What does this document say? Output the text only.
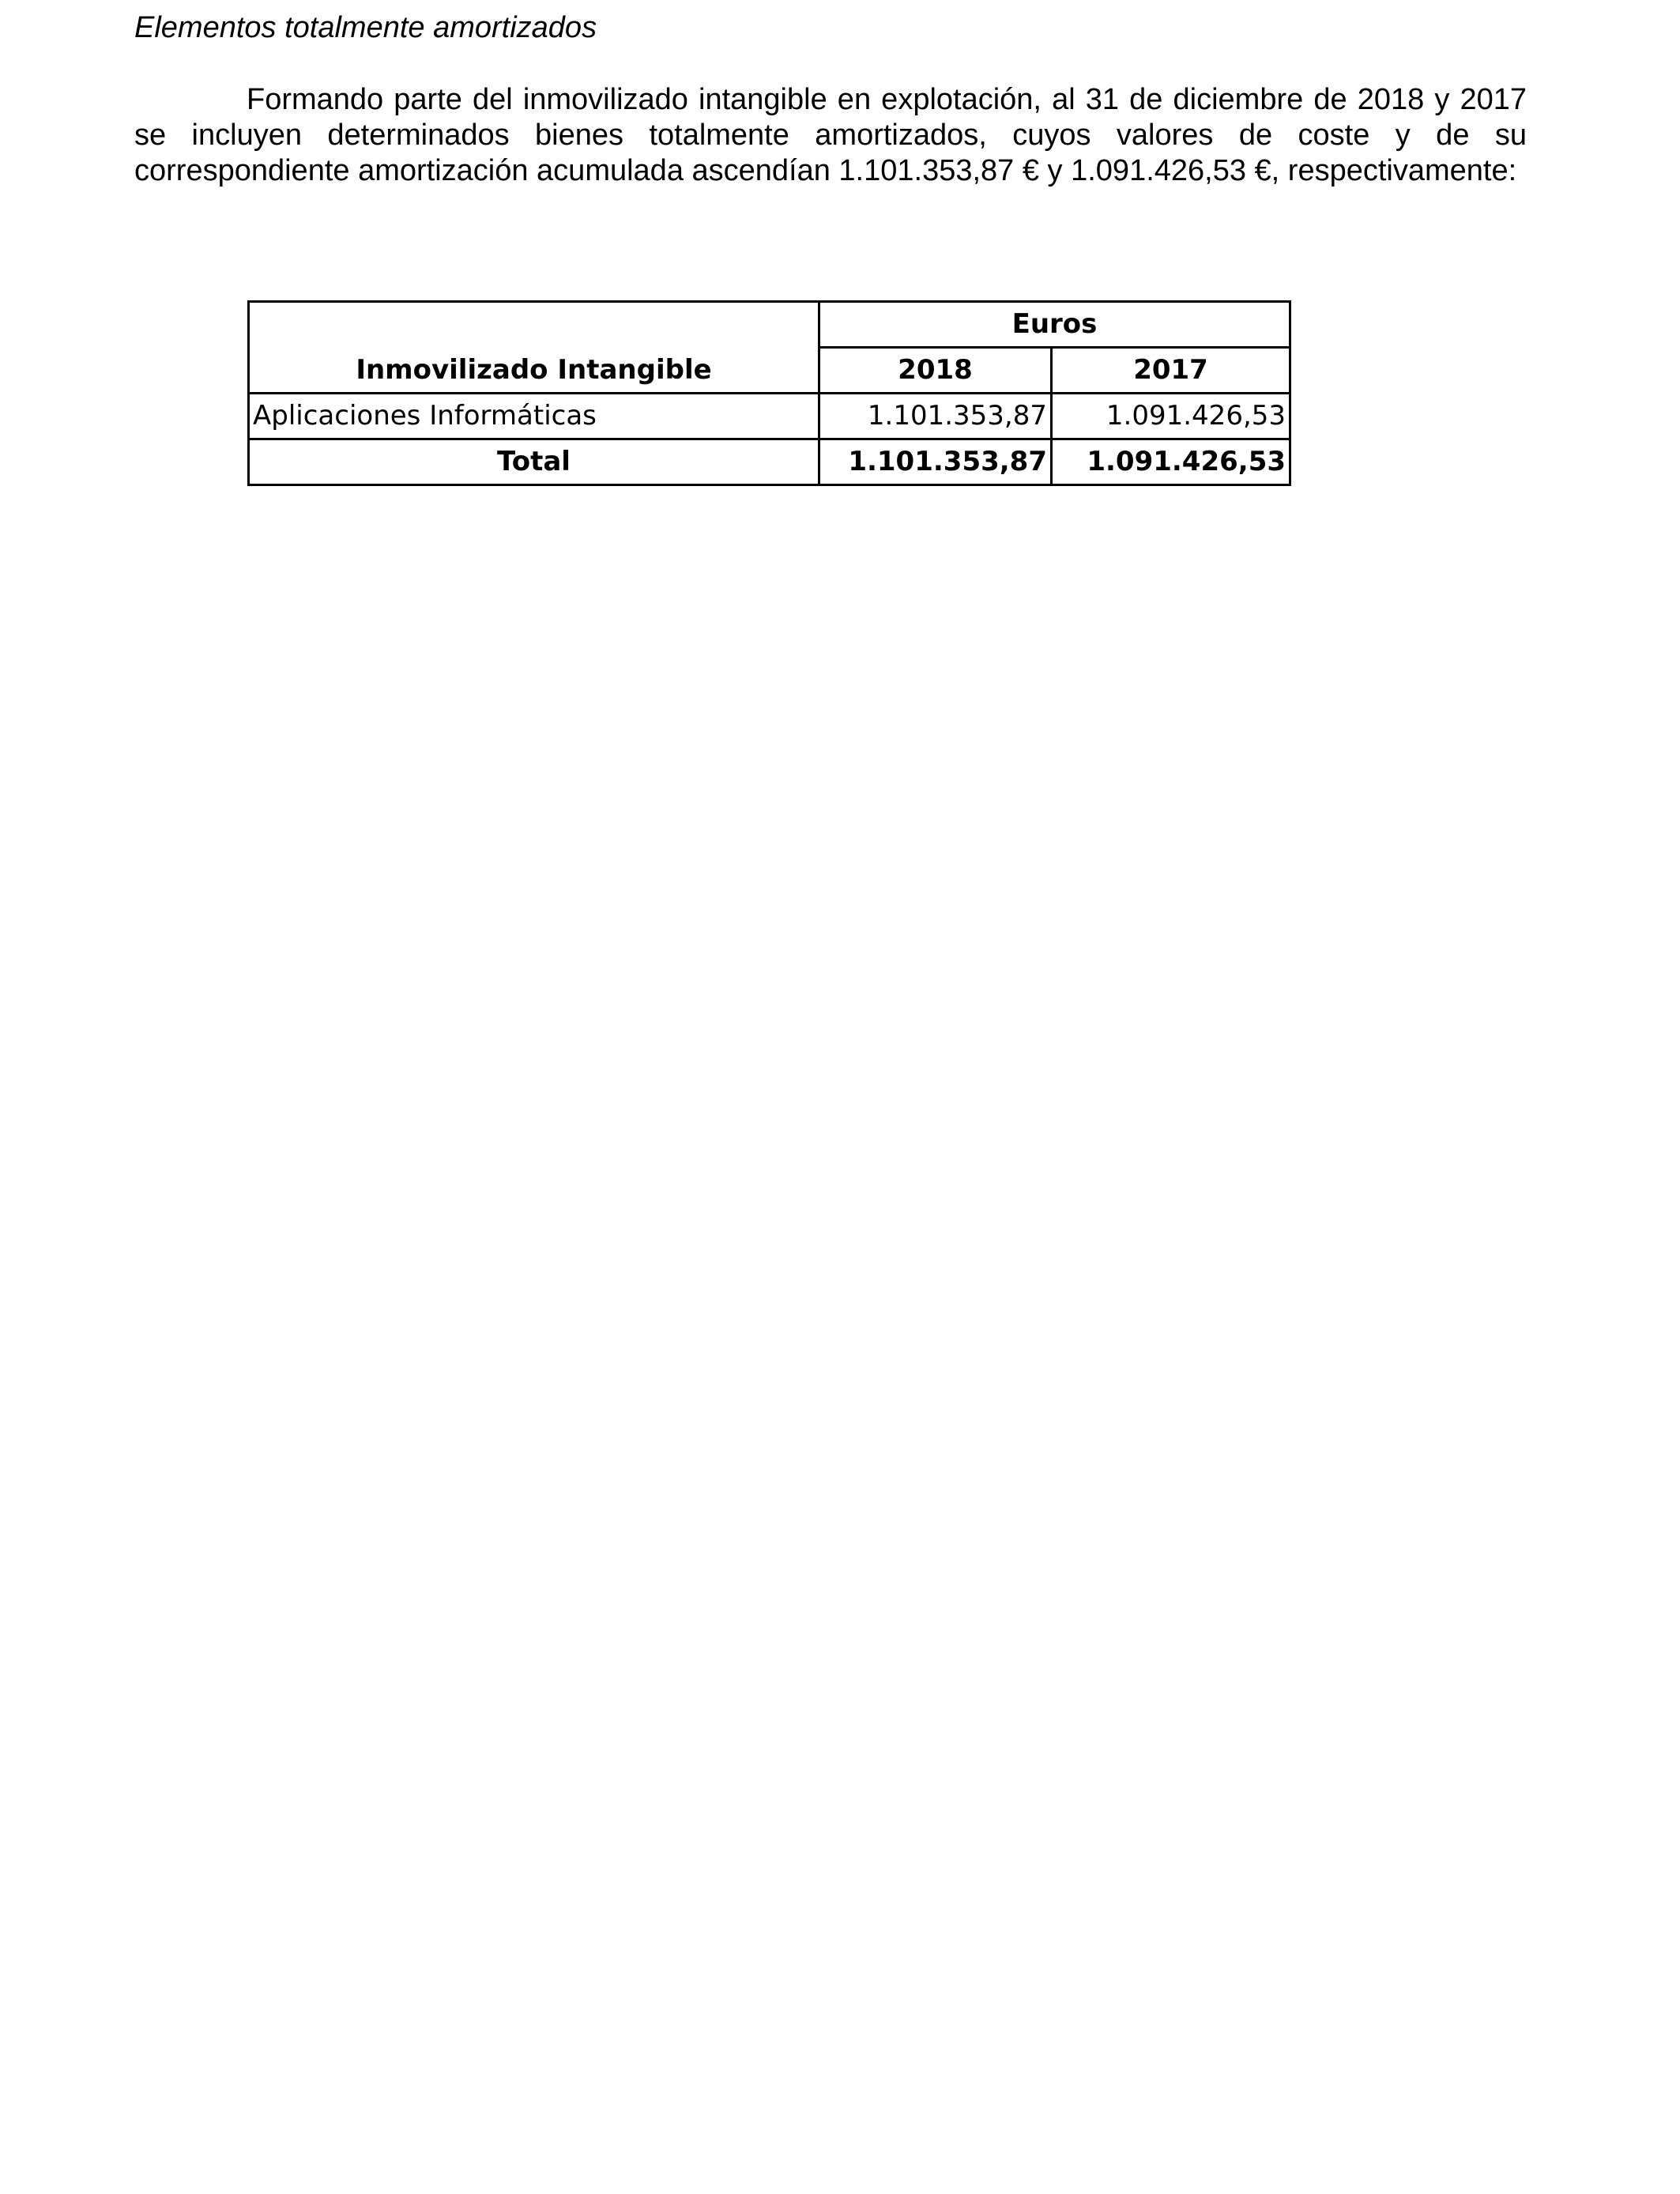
Elementos totalmente amortizados

Formando parte del inmovilizado intangible en explotación, al 31 de diciembre de 2018 y 2017 se incluyen determinados bienes totalmente amortizados, cuyos valores de coste y de su correspondiente amortización acumulada ascendían 1.101.353,87 € y 1.091.426,53 €, respectivamente:

	Euros	
Inmovilizado Intangible	2018	2017
Aplicaciones Informáticas	1.101.353,87	1.091.426,53
Total	1.101.353,87	1.091.426,53
